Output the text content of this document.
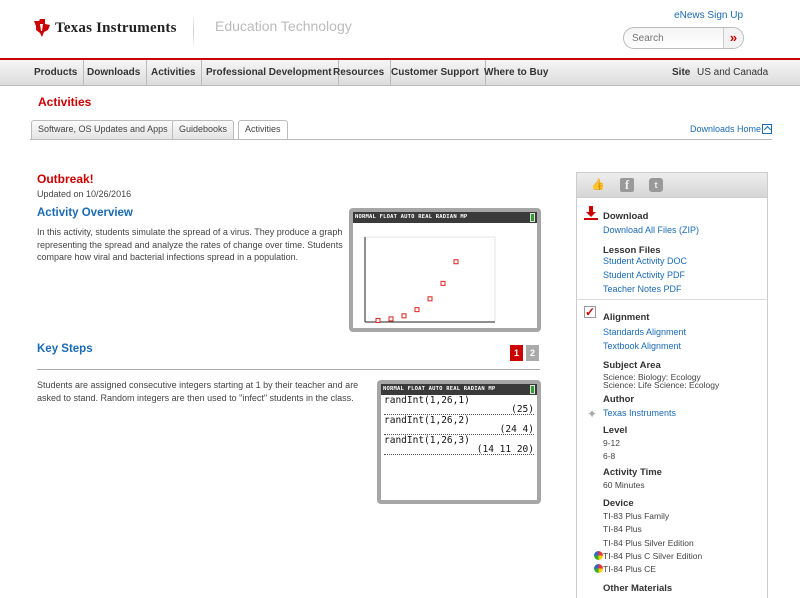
Texas Instruments	Education Technology
eNews Sign Up
Search
»
Products Downloads	Activities	Professional Development Resources Customer Support Where to Buy	Site US and Canada
Activities
Software, OS Updates and Apps	Guidebooks	Activities	Downloads Home
Outbreak!
Updated on 10/26/2016
Activity Overview
In this activity, students simulate the spread of a virus. They produce a graph representing the spread and analyze the rates of change over time. Students compare how viral and bacterial infections spread in a population.
NORMAL FLOAT AUTO REAL RADIAN MP
Key Steps	1	2
Students are assigned consecutive integers starting at 1 by their teacher and are asked to stand. Random integers are then used to "infect" students in the class.
NORMAL FLOAT AUTO REAL RADIAN MP
randInt(1,26,1)
(25)
randInt(1,26,2)
(24 4)
randInt(1,26,3)
(14 11 20)
👍	f	t
Download
Download All Files (ZIP)
Lesson Files
Student Activity DOC
Student Activity PDF
Teacher Notes PDF
✓ Alignment
Standards Alignment
Textbook Alignment
Subject Area
Science: Biology: Ecology
Science: Life Science: Ecology
Author
✦ Texas Instruments
Level
9-12
6-8
Activity Time
60 Minutes
Device
TI-83 Plus Family
TI-84 Plus
TI-84 Plus Silver Edition
TI-84 Plus C Silver Edition
TI-84 Plus CE
Other Materials
